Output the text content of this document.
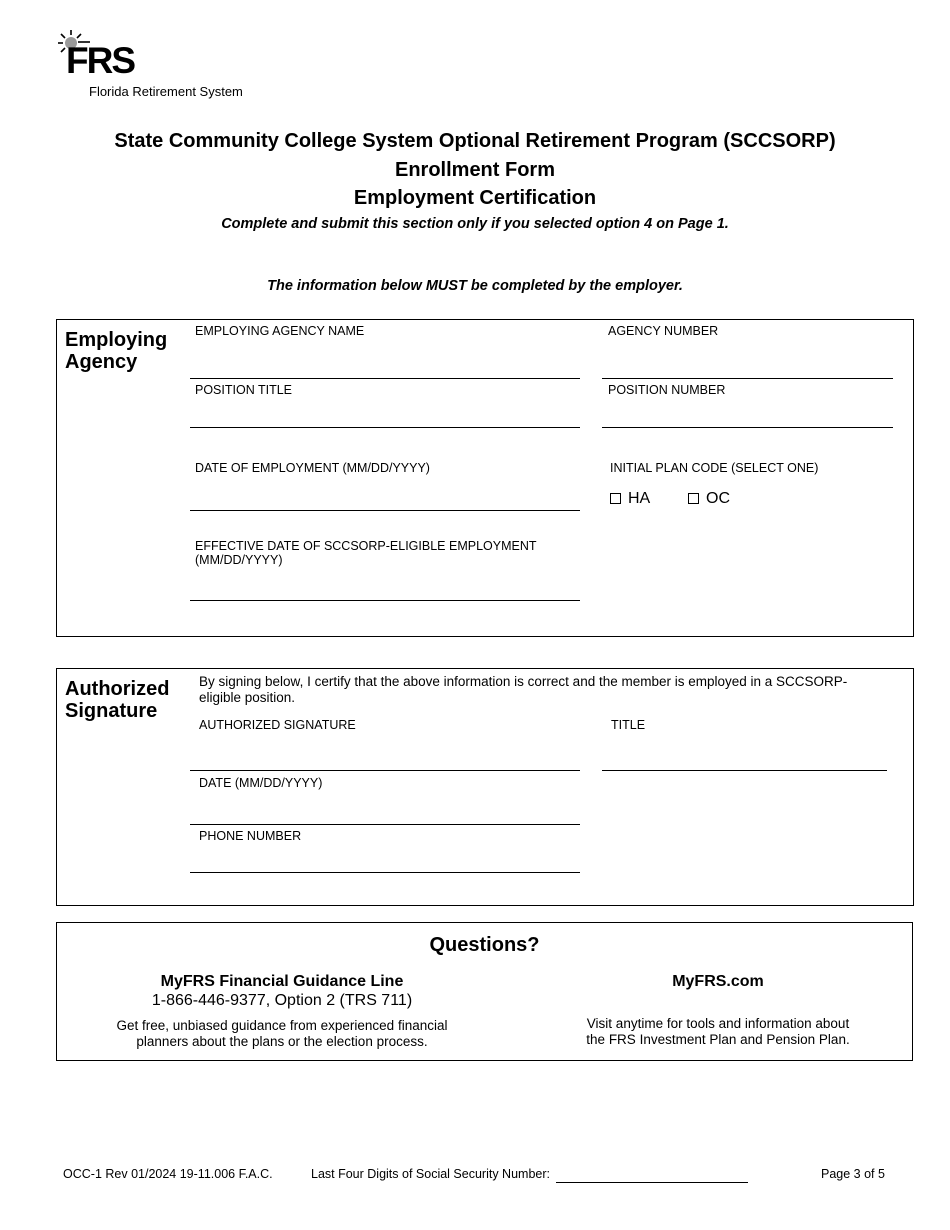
FRS
Florida Retirement System
State Community College System Optional Retirement Program (SCCSORP)
Enrollment Form
Employment Certification
Complete and submit this section only if you selected option 4 on Page 1.
The information below MUST be completed by the employer.
Employing
Agency
EMPLOYING AGENCY NAME	AGENCY NUMBER
POSITION TITLE	POSITION NUMBER
DATE OF EMPLOYMENT (MM/DD/YYYY)	INITIAL PLAN CODE (SELECT ONE)
HA	OC
EFFECTIVE DATE OF SCCSORP-ELIGIBLE EMPLOYMENT
(MM/DD/YYYY)
Authorized
Signature
By signing below, I certify that the above information is correct and the member is employed in a SCCSORP-
eligible position.
AUTHORIZED SIGNATURE	TITLE
DATE (MM/DD/YYYY)
PHONE NUMBER
Questions?
MyFRS Financial Guidance Line
1-866-446-9377, Option 2 (TRS 711)
Get free, unbiased guidance from experienced financial
planners about the plans or the election process.
MyFRS.com
Visit anytime for tools and information about
the FRS Investment Plan and Pension Plan.
OCC-1 Rev 01/2024 19-11.006 F.A.C.	Last Four Digits of Social Security Number:	Page 3 of 5
